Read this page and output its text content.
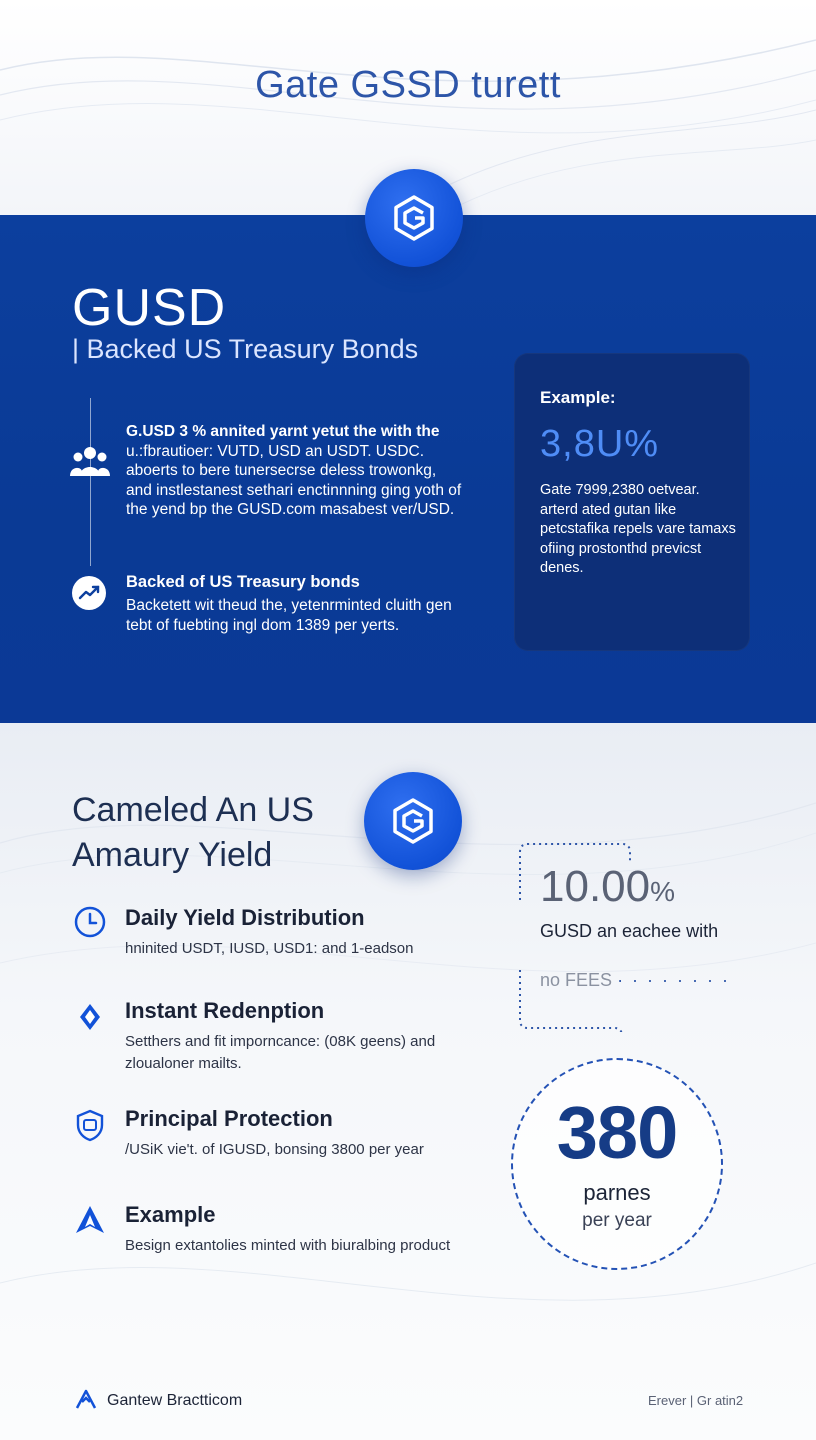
Gate GSSD turett
GUSD
| Backed US Treasury Bonds
G.USD 3 % annited yarnt yetut the with the u.:fbrautioer: VUTD, USD an USDT. USDC. aboerts to bere tunersecrse deless trowonkg, and instlestanest sethari enctinnning ging yoth of the yend bp the GUSD.com masabest ver/USD.
Backed of US Treasury bonds
Backetett wit theud the, yetenrminted cluith gen tebt of fuebting ingl dom 1389 per yerts.
Example:
3,8U%
Gate 7999,2380 oetvear. arterd ated gutan like petcstafika repels vare tamaxs ofiing prostonthd previcst denes.
Cameled An US Amaury Yield
Daily Yield Distribution
hninited USDT, IUSD, USD1: and 1-eadson
Instant Redenption
Setthers and fit imporncance: (08K geens) and zloualoner mailts.
Principal Protection
/USiK vie't. of IGUSD, bonsing 3800 per year
Example
Besign extantolies minted with biuralbing product
10.00%
GUSD an eachee with
no FEES · · · · · · · ·
380
parnes
per year
Gantew Bractticom	Erever | Gr atin2
